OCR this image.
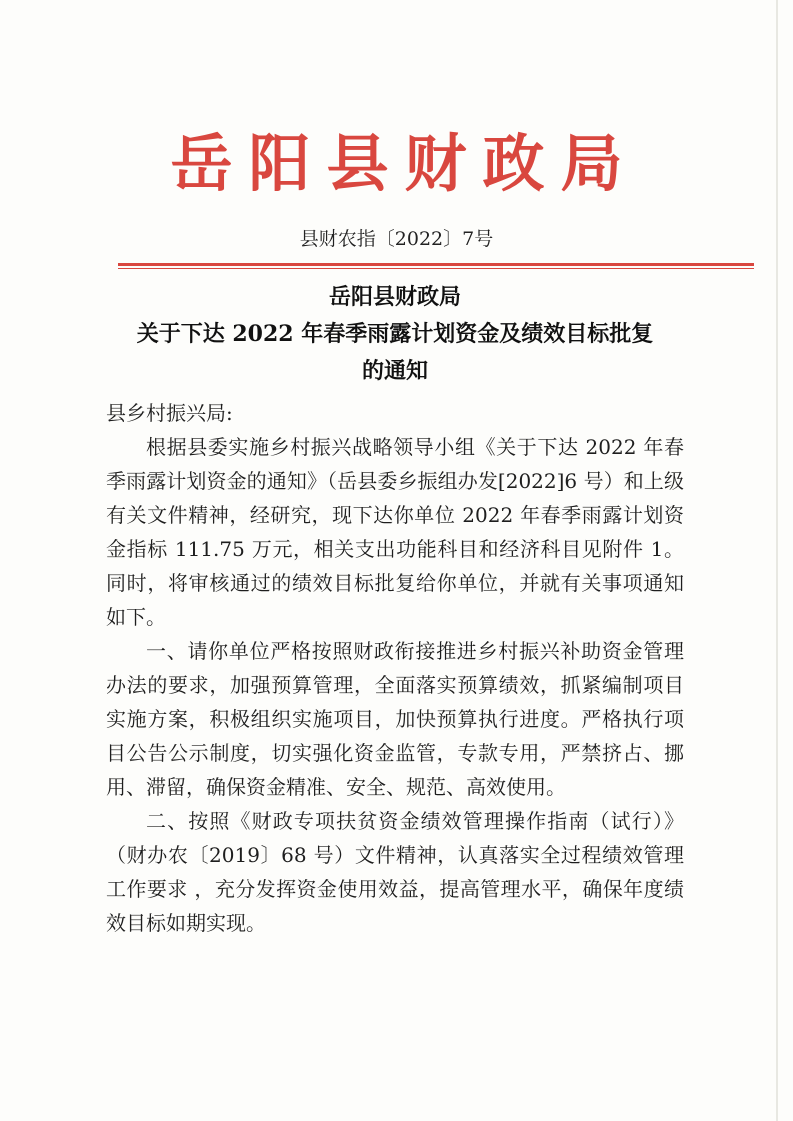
岳阳县财政局
县财农指〔2022〕7号
岳阳县财政局
关于下达 2022 年春季雨露计划资金及绩效目标批复
的通知

县乡村振兴局:

根据县委实施乡村振兴战略领导小组《关于下达 2022 年春季雨露计划资金的通知》（岳县委乡振组办发[2022]6 号）和上级有关文件精神，经研究，现下达你单位 2022 年春季雨露计划资金指标 111.75 万元，相关支出功能科目和经济科目见附件 1。同时，将审核通过的绩效目标批复给你单位，并就有关事项通知如下。

一、请你单位严格按照财政衔接推进乡村振兴补助资金管理办法的要求，加强预算管理，全面落实预算绩效，抓紧编制项目实施方案，积极组织实施项目，加快预算执行进度。严格执行项目公告公示制度，切实强化资金监管，专款专用，严禁挤占、挪用、滞留，确保资金精准、安全、规范、高效使用。

二、按照《财政专项扶贫资金绩效管理操作指南（试行）》（财办农〔2019〕68 号）文件精神，认真落实全过程绩效管理工作要求 ，充分发挥资金使用效益，提高管理水平，确保年度绩效目标如期实现。
